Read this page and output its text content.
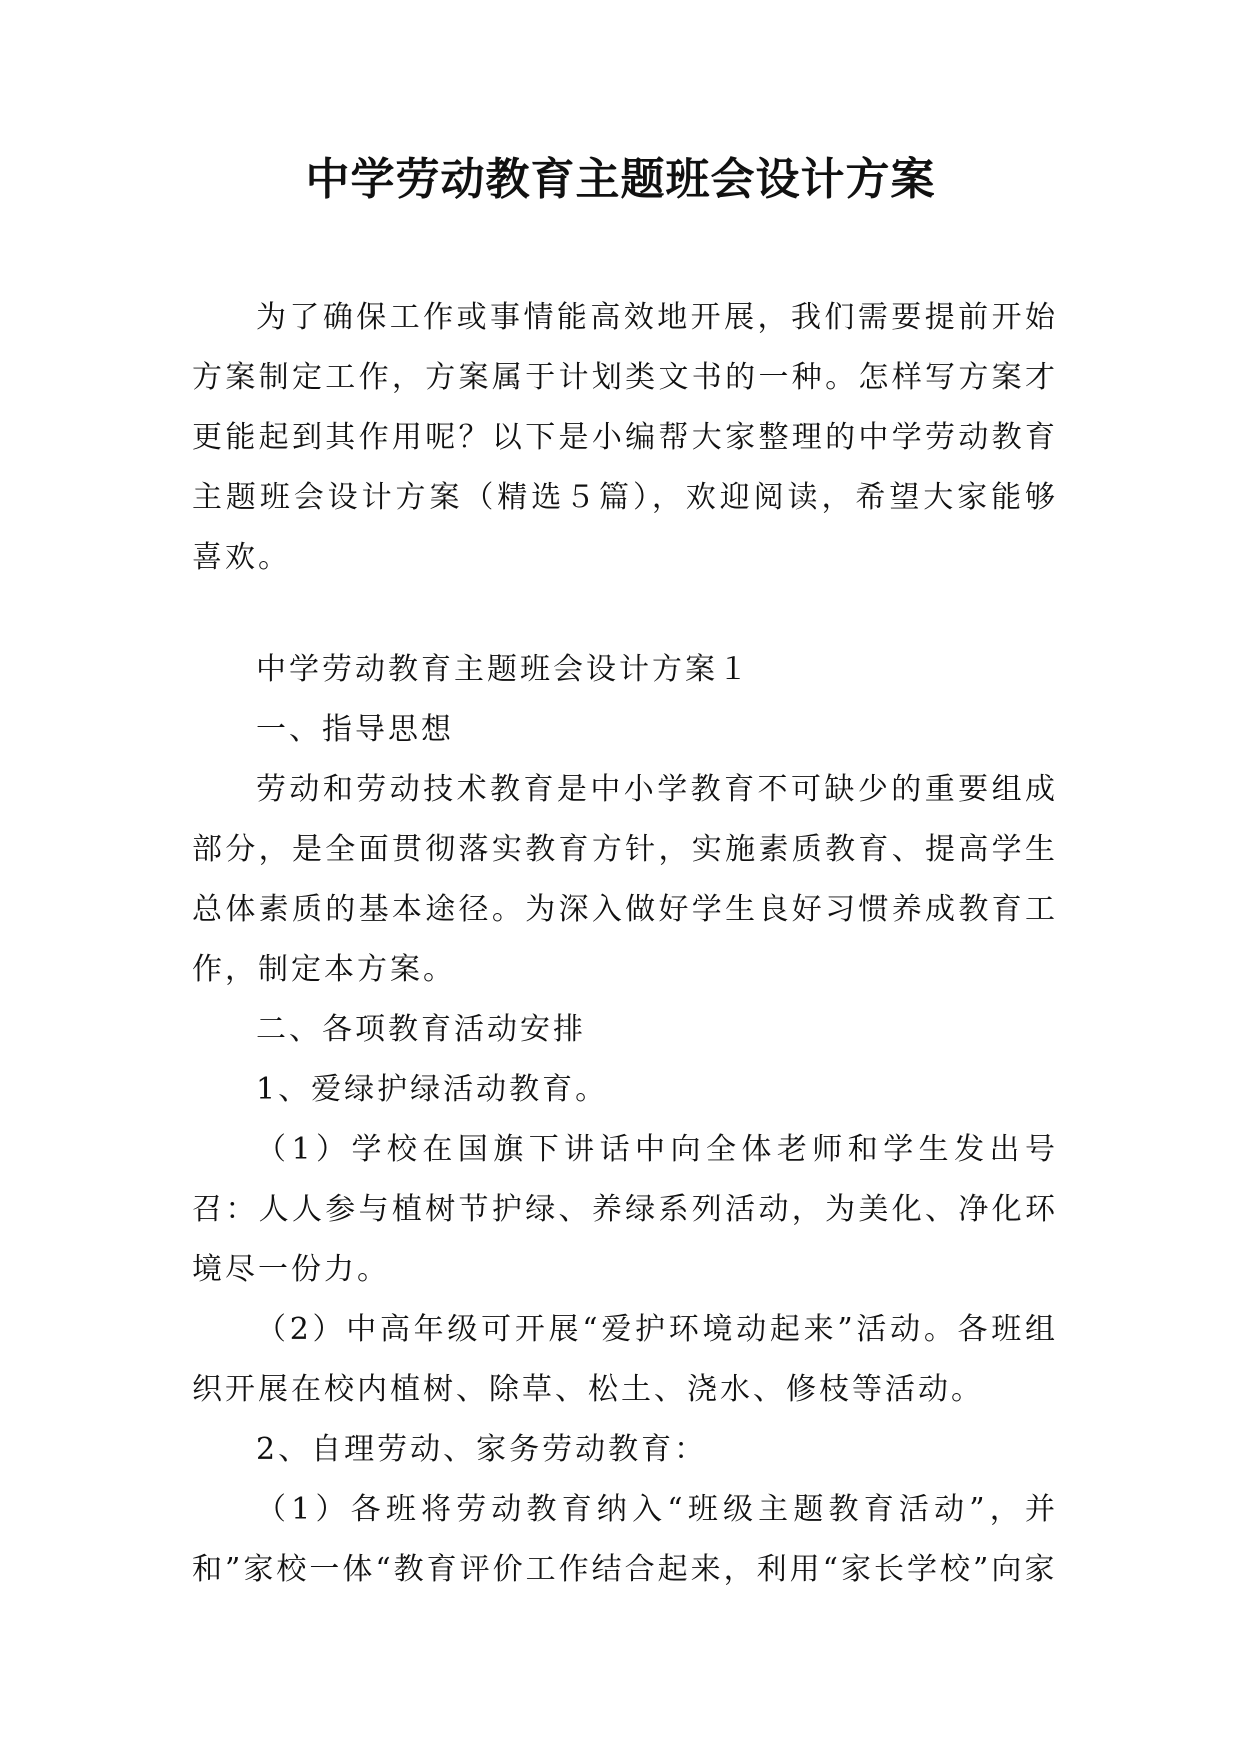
中学劳动教育主题班会设计方案

为了确保工作或事情能高效地开展，我们需要提前开始方案制定工作，方案属于计划类文书的一种。怎样写方案才更能起到其作用呢？以下是小编帮大家整理的中学劳动教育主题班会设计方案（精选５篇），欢迎阅读，希望大家能够喜欢。

中学劳动教育主题班会设计方案１

一、指导思想

劳动和劳动技术教育是中小学教育不可缺少的重要组成部分，是全面贯彻落实教育方针，实施素质教育、提高学生总体素质的基本途径。为深入做好学生良好习惯养成教育工作，制定本方案。

二、各项教育活动安排

1、爱绿护绿活动教育。

（1）学校在国旗下讲话中向全体老师和学生发出号召：人人参与植树节护绿、养绿系列活动，为美化、净化环境尽一份力。

（2）中高年级可开展“爱护环境动起来”活动。各班组织开展在校内植树、除草、松土、浇水、修枝等活动。

2、自理劳动、家务劳动教育：

（1）各班将劳动教育纳入“班级主题教育活动”，并和”家校一体“教育评价工作结合起来，利用“家长学校”向家
